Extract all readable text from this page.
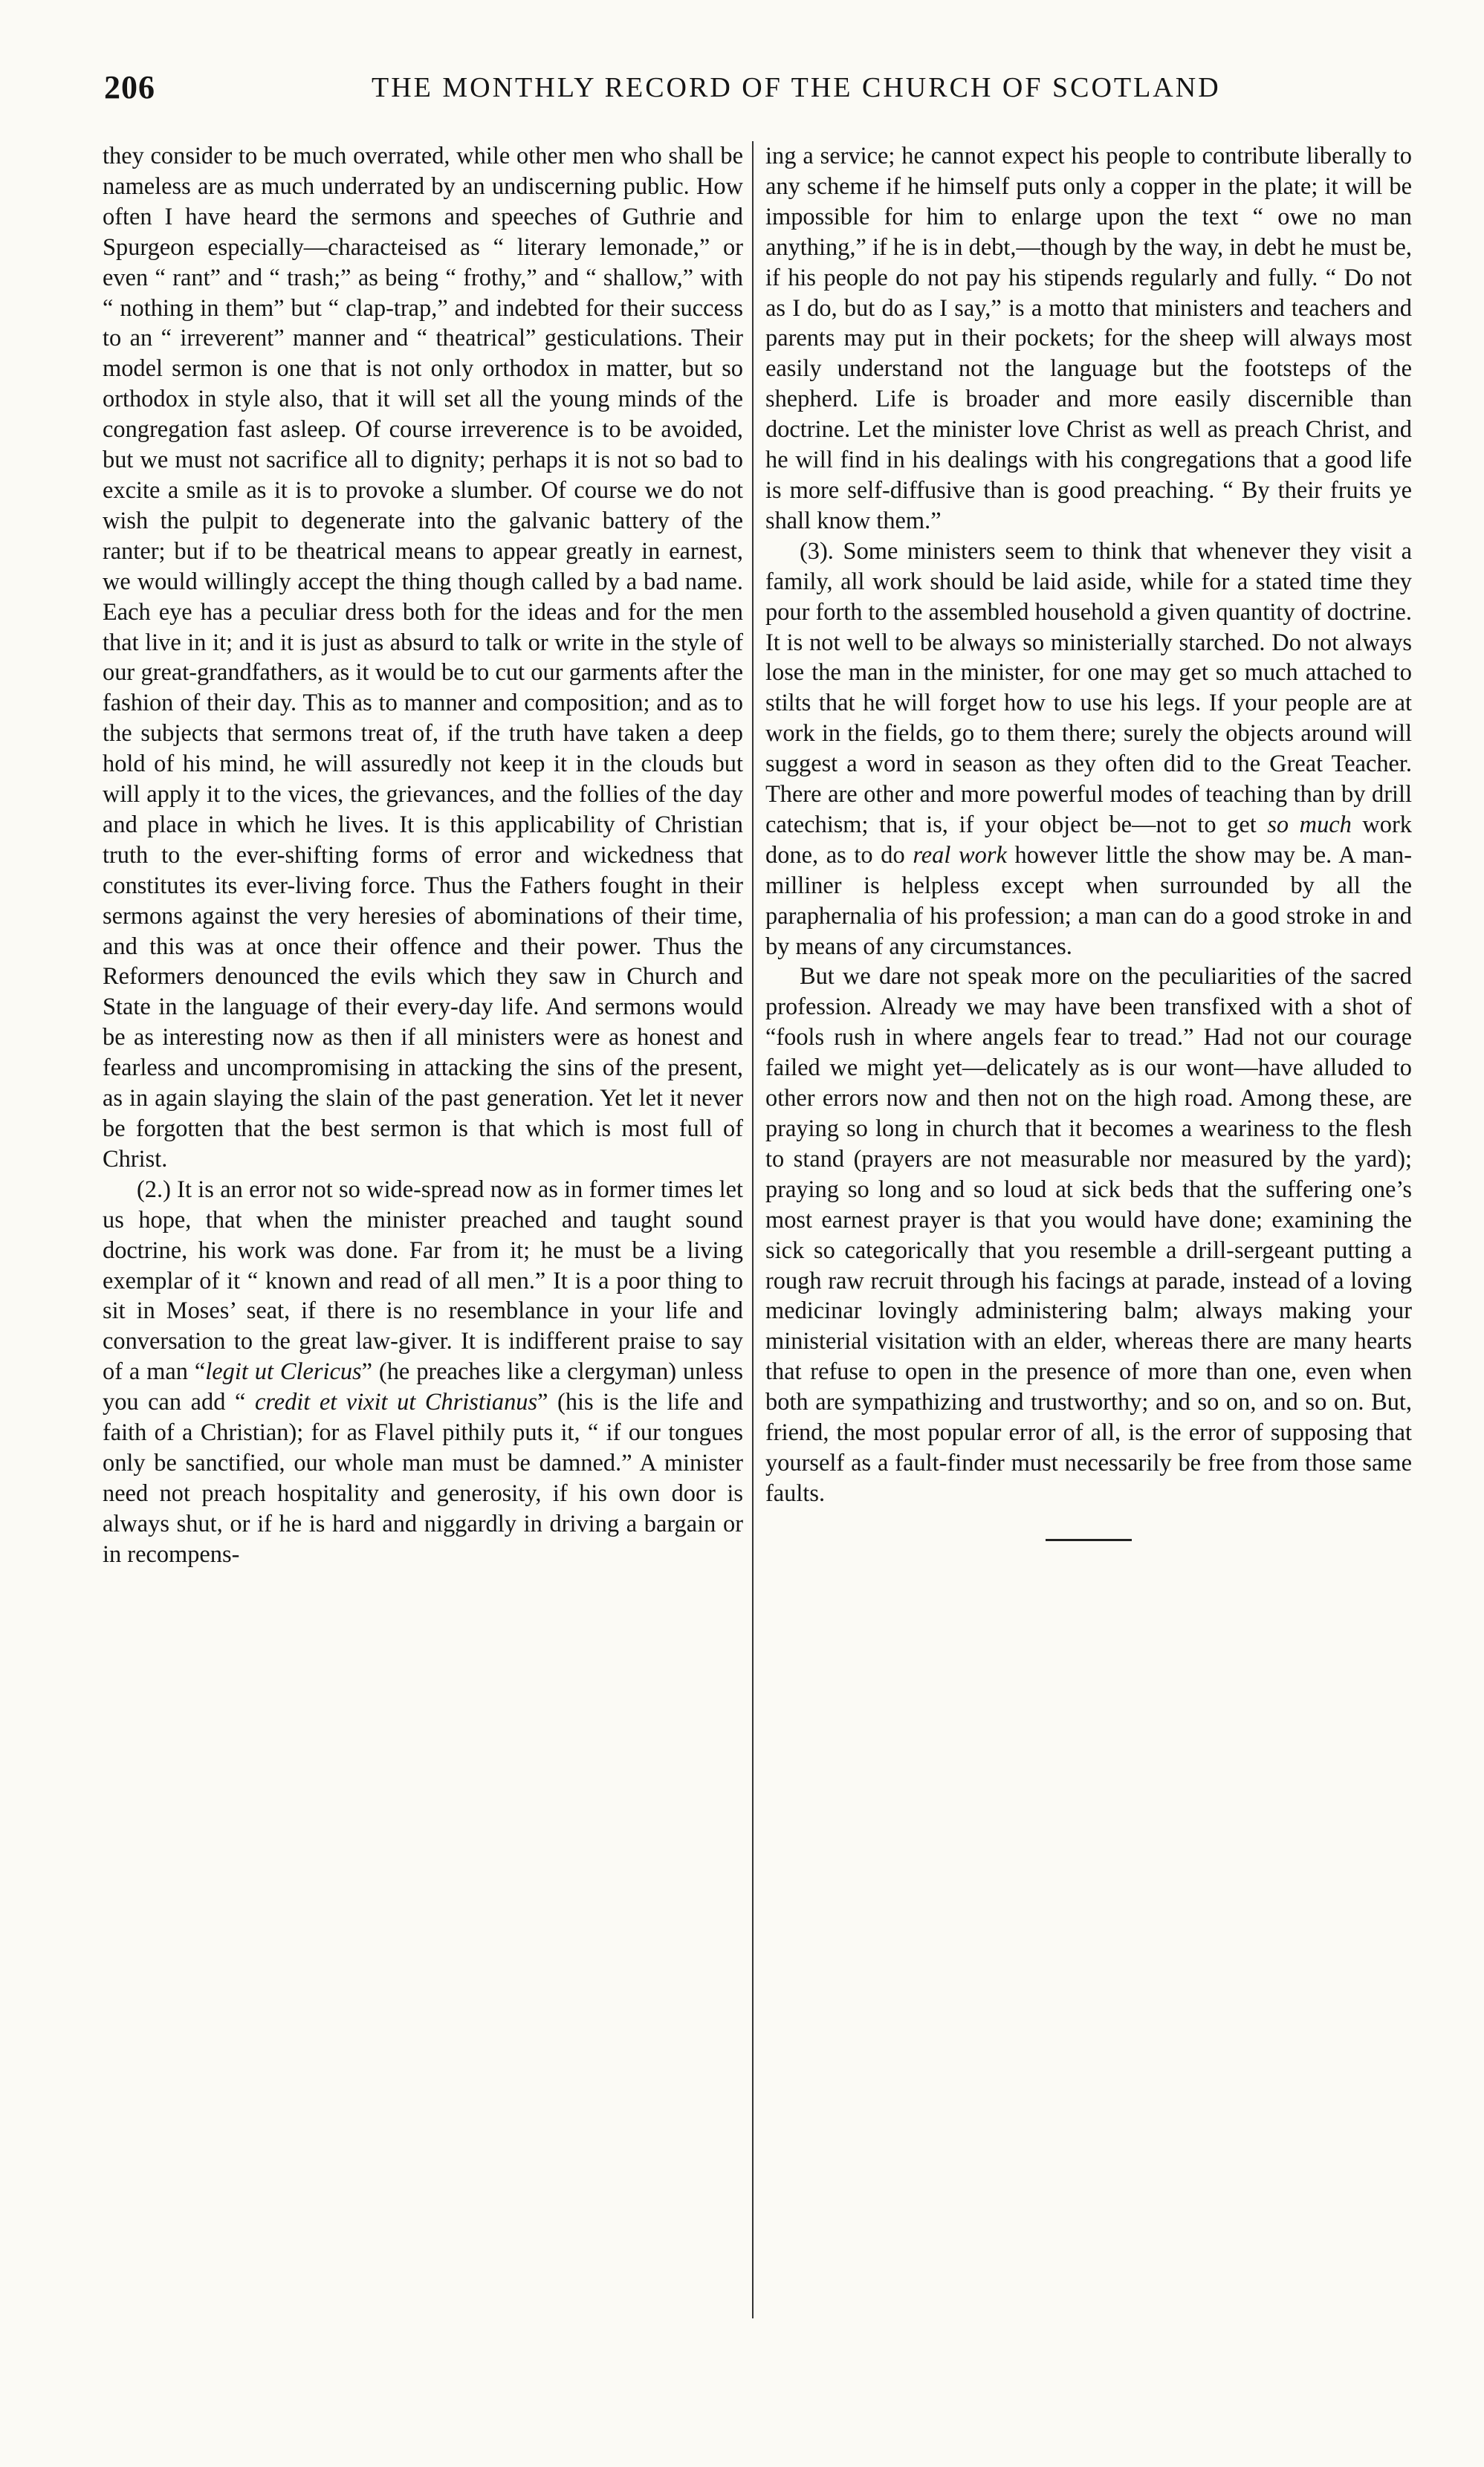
206	THE MONTHLY RECORD OF THE CHURCH OF SCOTLAND

they consider to be much overrated, while other men who shall be nameless are as much underrated by an undiscerning public. How often I have heard the sermons and speeches of Guthrie and Spurgeon especially—characteised as “ literary lemonade,” or even “ rant” and “ trash;” as being “ frothy,” and “ shallow,” with “ nothing in them” but “ clap-trap,” and indebted for their success to an “ irreverent” manner and “ theatrical” gesticulations. Their model sermon is one that is not only orthodox in matter, but so orthodox in style also, that it will set all the young minds of the congregation fast asleep. Of course irreverence is to be avoided, but we must not sacrifice all to dignity; perhaps it is not so bad to excite a smile as it is to provoke a slumber. Of course we do not wish the pulpit to degenerate into the galvanic battery of the ranter; but if to be theatrical means to appear greatly in earnest, we would willingly accept the thing though called by a bad name. Each eye has a peculiar dress both for the ideas and for the men that live in it; and it is just as absurd to talk or write in the style of our great-grandfathers, as it would be to cut our garments after the fashion of their day. This as to manner and composition; and as to the subjects that sermons treat of, if the truth have taken a deep hold of his mind, he will assuredly not keep it in the clouds but will apply it to the vices, the grievances, and the follies of the day and place in which he lives. It is this applicability of Christian truth to the ever-shifting forms of error and wickedness that constitutes its ever-living force. Thus the Fathers fought in their sermons against the very heresies of abominations of their time, and this was at once their offence and their power. Thus the Reformers denounced the evils which they saw in Church and State in the language of their every-day life. And sermons would be as interesting now as then if all ministers were as honest and fearless and uncompromising in attacking the sins of the present, as in again slaying the slain of the past generation. Yet let it never be forgotten that the best sermon is that which is most full of Christ.

(2.) It is an error not so wide-spread now as in former times let us hope, that when the minister preached and taught sound doctrine, his work was done. Far from it; he must be a living exemplar of it “ known and read of all men.” It is a poor thing to sit in Moses’ seat, if there is no resemblance in your life and conversation to the great law-giver. It is indifferent praise to say of a man “legit ut Clericus” (he preaches like a clergyman) unless you can add “ credit et vixit ut Christianus” (his is the life and faith of a Christian); for as Flavel pithily puts it, “ if our tongues only be sanctified, our whole man must be damned.” A minister need not preach hospitality and generosity, if his own door is always shut, or if he is hard and niggardly in driving a bargain or in recompens-

ing a service; he cannot expect his people to contribute liberally to any scheme if he himself puts only a copper in the plate; it will be impossible for him to enlarge upon the text “ owe no man anything,” if he is in debt,—though by the way, in debt he must be, if his people do not pay his stipends regularly and fully. “ Do not as I do, but do as I say,” is a motto that ministers and teachers and parents may put in their pockets; for the sheep will always most easily understand not the language but the footsteps of the shepherd. Life is broader and more easily discernible than doctrine. Let the minister love Christ as well as preach Christ, and he will find in his dealings with his congregations that a good life is more self-diffusive than is good preaching. “ By their fruits ye shall know them.”

(3). Some ministers seem to think that whenever they visit a family, all work should be laid aside, while for a stated time they pour forth to the assembled household a given quantity of doctrine. It is not well to be always so ministerially starched. Do not always lose the man in the minister, for one may get so much attached to stilts that he will forget how to use his legs. If your people are at work in the fields, go to them there; surely the objects around will suggest a word in season as they often did to the Great Teacher. There are other and more powerful modes of teaching than by drill catechism; that is, if your object be—not to get so much work done, as to do real work however little the show may be. A man-milliner is helpless except when surrounded by all the paraphernalia of his profession; a man can do a good stroke in and by means of any circumstances.

But we dare not speak more on the peculiarities of the sacred profession. Already we may have been transfixed with a shot of “fools rush in where angels fear to tread.” Had not our courage failed we might yet—delicately as is our wont—have alluded to other errors now and then not on the high road. Among these, are praying so long in church that it becomes a weariness to the flesh to stand (prayers are not measurable nor measured by the yard); praying so long and so loud at sick beds that the suffering one’s most earnest prayer is that you would have done; examining the sick so categorically that you resemble a drill-sergeant putting a rough raw recruit through his facings at parade, instead of a loving medicinar lovingly administering balm; always making your ministerial visitation with an elder, whereas there are many hearts that refuse to open in the presence of more than one, even when both are sympathizing and trustworthy; and so on, and so on. But, friend, the most popular error of all, is the error of supposing that yourself as a fault-finder must necessarily be free from those same faults.
